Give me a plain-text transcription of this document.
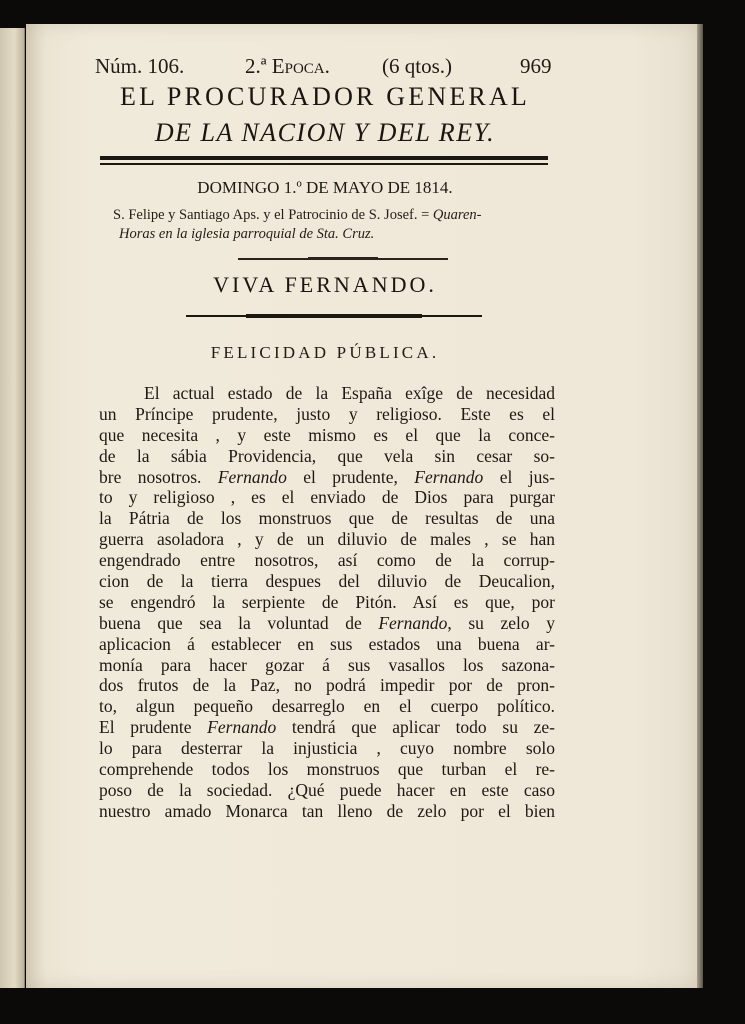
Núm. 106.	2.ª Epoca. (6 qtos.)	969
EL PROCURADOR GENERAL
DE LA NACION Y DEL REY.
DOMINGO 1.º DE MAYO DE 1814.
S. Felipe y Santiago Aps. y el Patrocinio de S. Josef. = Quaren-
Horas en la iglesia parroquial de Sta. Cruz.
VIVA FERNANDO.
FELICIDAD PÚBLICA.
El actual estado de la España exîge de necesidad
un Príncipe prudente, justo y religioso. Este es el
que necesita , y este mismo es el que la conce-
de la sábia Providencia, que vela sin cesar so-
bre nosotros. Fernando el prudente, Fernando el jus-
to y religioso , es el enviado de Dios para purgar
la Pátria de los monstruos que de resultas de una
guerra asoladora , y de un diluvio de males , se han
engendrado entre nosotros, así como de la corrup-
cion de la tierra despues del diluvio de Deucalion,
se engendró la serpiente de Pitón. Así es que, por
buena que sea la voluntad de Fernando, su zelo y
aplicacion á establecer en sus estados una buena ar-
monía para hacer gozar á sus vasallos los sazona-
dos frutos de la Paz, no podrá impedir por de pron-
to, algun pequeño desarreglo en el cuerpo político.
El prudente Fernando tendrá que aplicar todo su ze-
lo para desterrar la injusticia , cuyo nombre solo
comprehende todos los monstruos que turban el re-
poso de la sociedad. ¿Qué puede hacer en este caso
nuestro amado Monarca tan lleno de zelo por el bien
